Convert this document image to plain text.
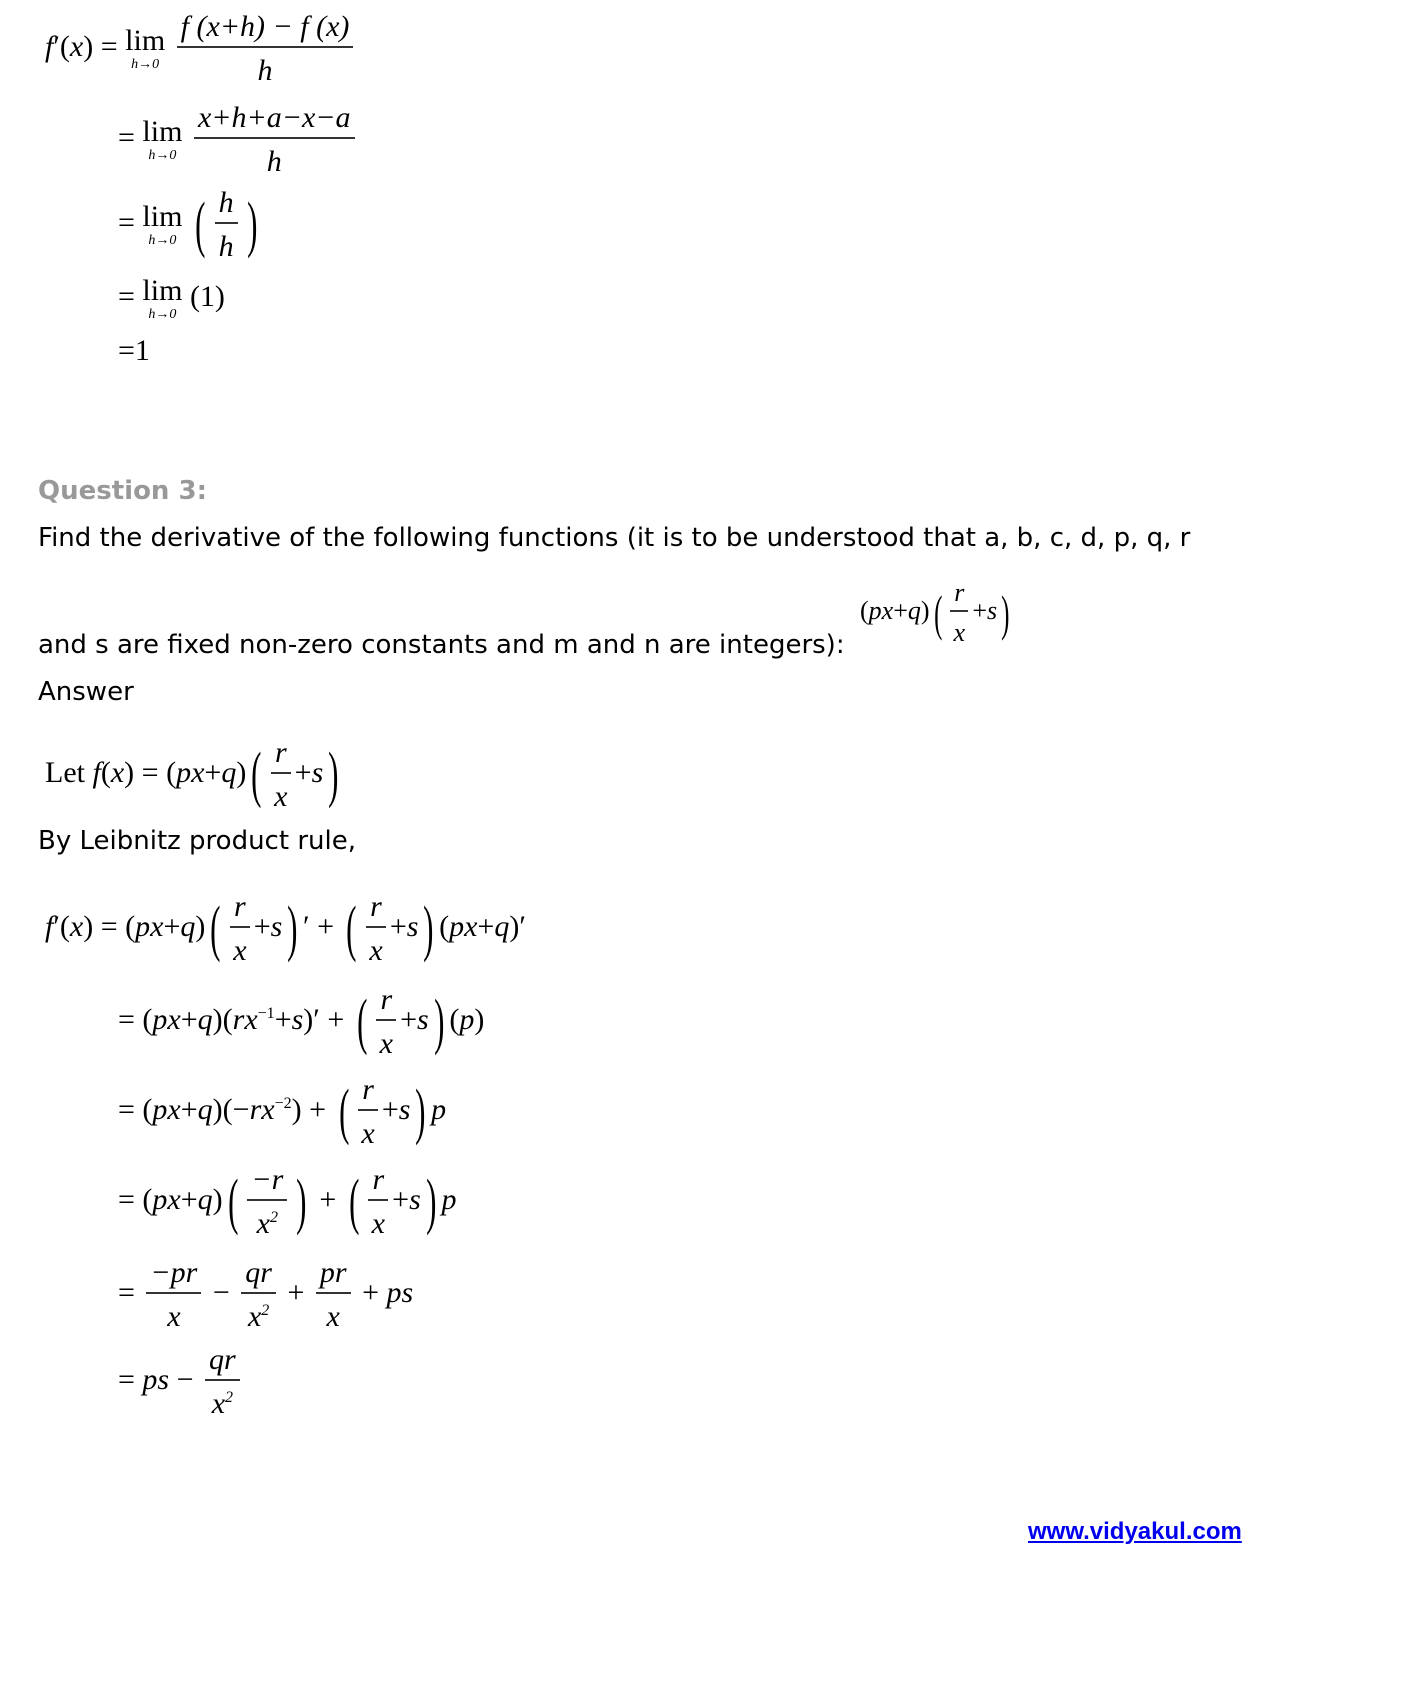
f′(x) = lim
h→0
$\frac{f (x+h) - f (x)}{h}$
= lim
h→0
$\frac{x+h+a-x-a}{h}$
= lim
h→0 ( $\frac{h}{h}$ )
= lim
h→0
(1)
=1
Question 3:
Find the derivative of the following functions (it is to be understood that a, b, c, d, p, q, r
$(px+q)( \frac{r}{x} +s)$
and s are fixed non-zero constants and m and n are integers):
Answer
Let $f(x) = (px+q)( \frac{r}{x} +s)$
By Leibnitz product rule,
$f'(x) = (px+q)( \frac{r}{x} +s)$ ′ + ( $\frac{r}{x} +s$) (px+q)′
= $(px+q)(rx^{-1}+s)'$ + ( $\frac{r}{x} +s$) (p)
= $(px+q)(-rx^{-2})$ + ( $\frac{r}{x} +s$) p
= $(px+q)( \frac{-r}{x^2}$ ) + ( $\frac{r}{x} +s$) p
= $\frac{-pr}{x} - \frac{qr}{x^2} + \frac{pr}{x}$ + ps
= ps − $\frac{qr}{x^2}$
www.vidyakul.com
